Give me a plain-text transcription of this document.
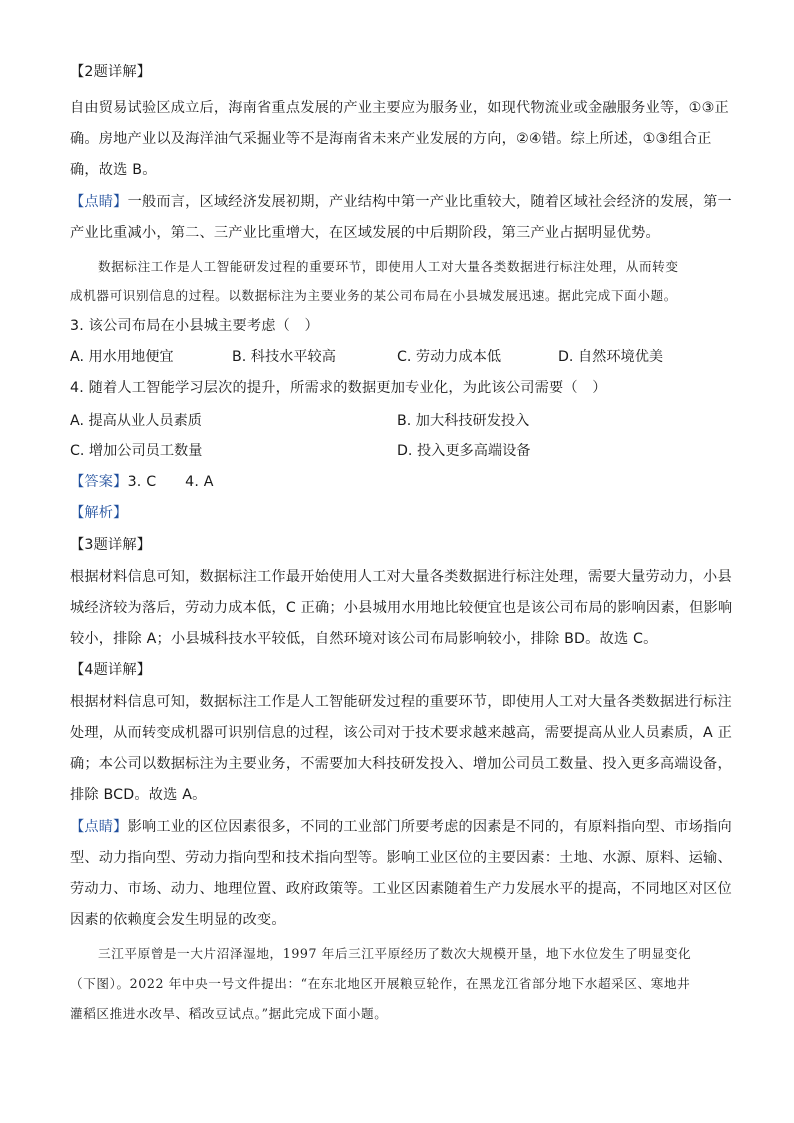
【2题详解】
自由贸易试验区成立后，海南省重点发展的产业主要应为服务业，如现代物流业或金融服务业等，①③正
确。房地产业以及海洋油气采掘业等不是海南省未来产业发展的方向，②④错。综上所述，①③组合正
确，故选 B。
【点睛】一般而言，区域经济发展初期，产业结构中第一产业比重较大，随着区域社会经济的发展，第一
产业比重减小，第二、三产业比重增大，在区域发展的中后期阶段，第三产业占据明显优势。
数据标注工作是人工智能研发过程的重要环节，即使用人工对大量各类数据进行标注处理，从而转变
成机器可识别信息的过程。以数据标注为主要业务的某公司布局在小县城发展迅速。据此完成下面小题。
3. 该公司布局在小县城主要考虑（　）
A. 用水用地便宜	B. 科技水平较高	C. 劳动力成本低	D. 自然环境优美
4. 随着人工智能学习层次的提升，所需求的数据更加专业化，为此该公司需要（　）
A. 提高从业人员素质	B. 加大科技研发投入
C. 增加公司员工数量	D. 投入更多高端设备
【答案】3. C　　4. A
【解析】
【3题详解】
根据材料信息可知，数据标注工作最开始使用人工对大量各类数据进行标注处理，需要大量劳动力，小县
城经济较为落后，劳动力成本低，C 正确；小县城用水用地比较便宜也是该公司布局的影响因素，但影响
较小，排除 A；小县城科技水平较低，自然环境对该公司布局影响较小，排除 BD。故选 C。
【4题详解】
根据材料信息可知，数据标注工作是人工智能研发过程的重要环节，即使用人工对大量各类数据进行标注
处理，从而转变成机器可识别信息的过程，该公司对于技术要求越来越高，需要提高从业人员素质，A 正
确；本公司以数据标注为主要业务，不需要加大科技研发投入、增加公司员工数量、投入更多高端设备，
排除 BCD。故选 A。
【点睛】影响工业的区位因素很多，不同的工业部门所要考虑的因素是不同的，有原料指向型、市场指向
型、动力指向型、劳动力指向型和技术指向型等。影响工业区位的主要因素：土地、水源、原料、运输、
劳动力、市场、动力、地理位置、政府政策等。工业区因素随着生产力发展水平的提高，不同地区对区位
因素的依赖度会发生明显的改变。
三江平原曾是一大片沼泽湿地，1997 年后三江平原经历了数次大规模开垦，地下水位发生了明显变化
（下图）。2022 年中央一号文件提出：“在东北地区开展粮豆轮作，在黑龙江省部分地下水超采区、寒地井
灌稻区推进水改旱、稻改豆试点。”据此完成下面小题。
